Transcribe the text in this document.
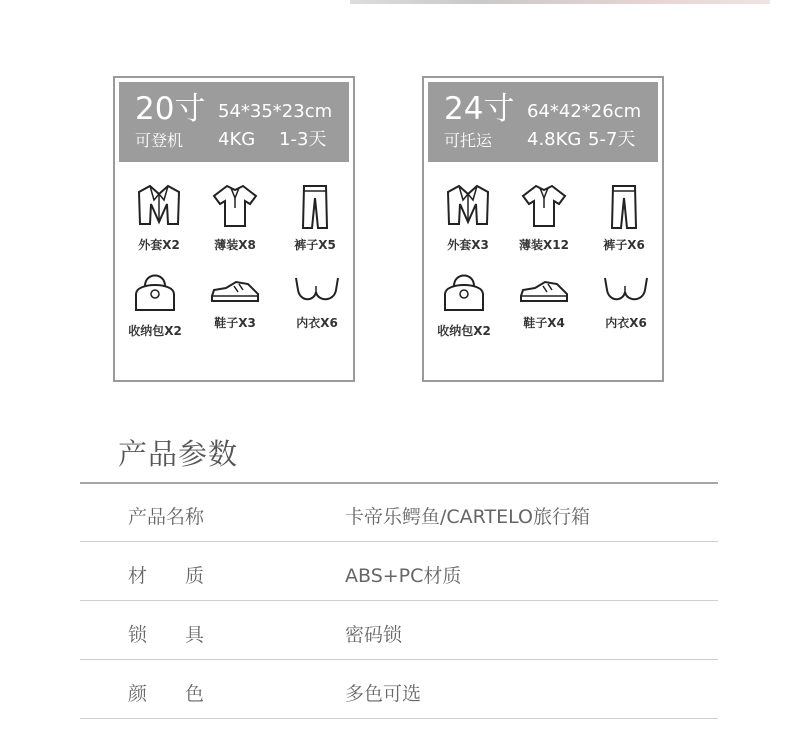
20寸 54*35*23cm
可登机 4KG 1-3天
外套X2	薄装X8	裤子X5
收纳包X2
鞋子X3	内衣X6
24寸 64*42*26cm
可托运 4.8KG 5-7天
外套X3	薄装X12	裤子X6
收纳包X2
鞋子X4	内衣X6
产品参数
产品名称	卡帝乐鳄鱼/CARTELO旅行箱
材　　质	ABS+PC材质
锁　　具	密码锁
颜　　色	多色可选
